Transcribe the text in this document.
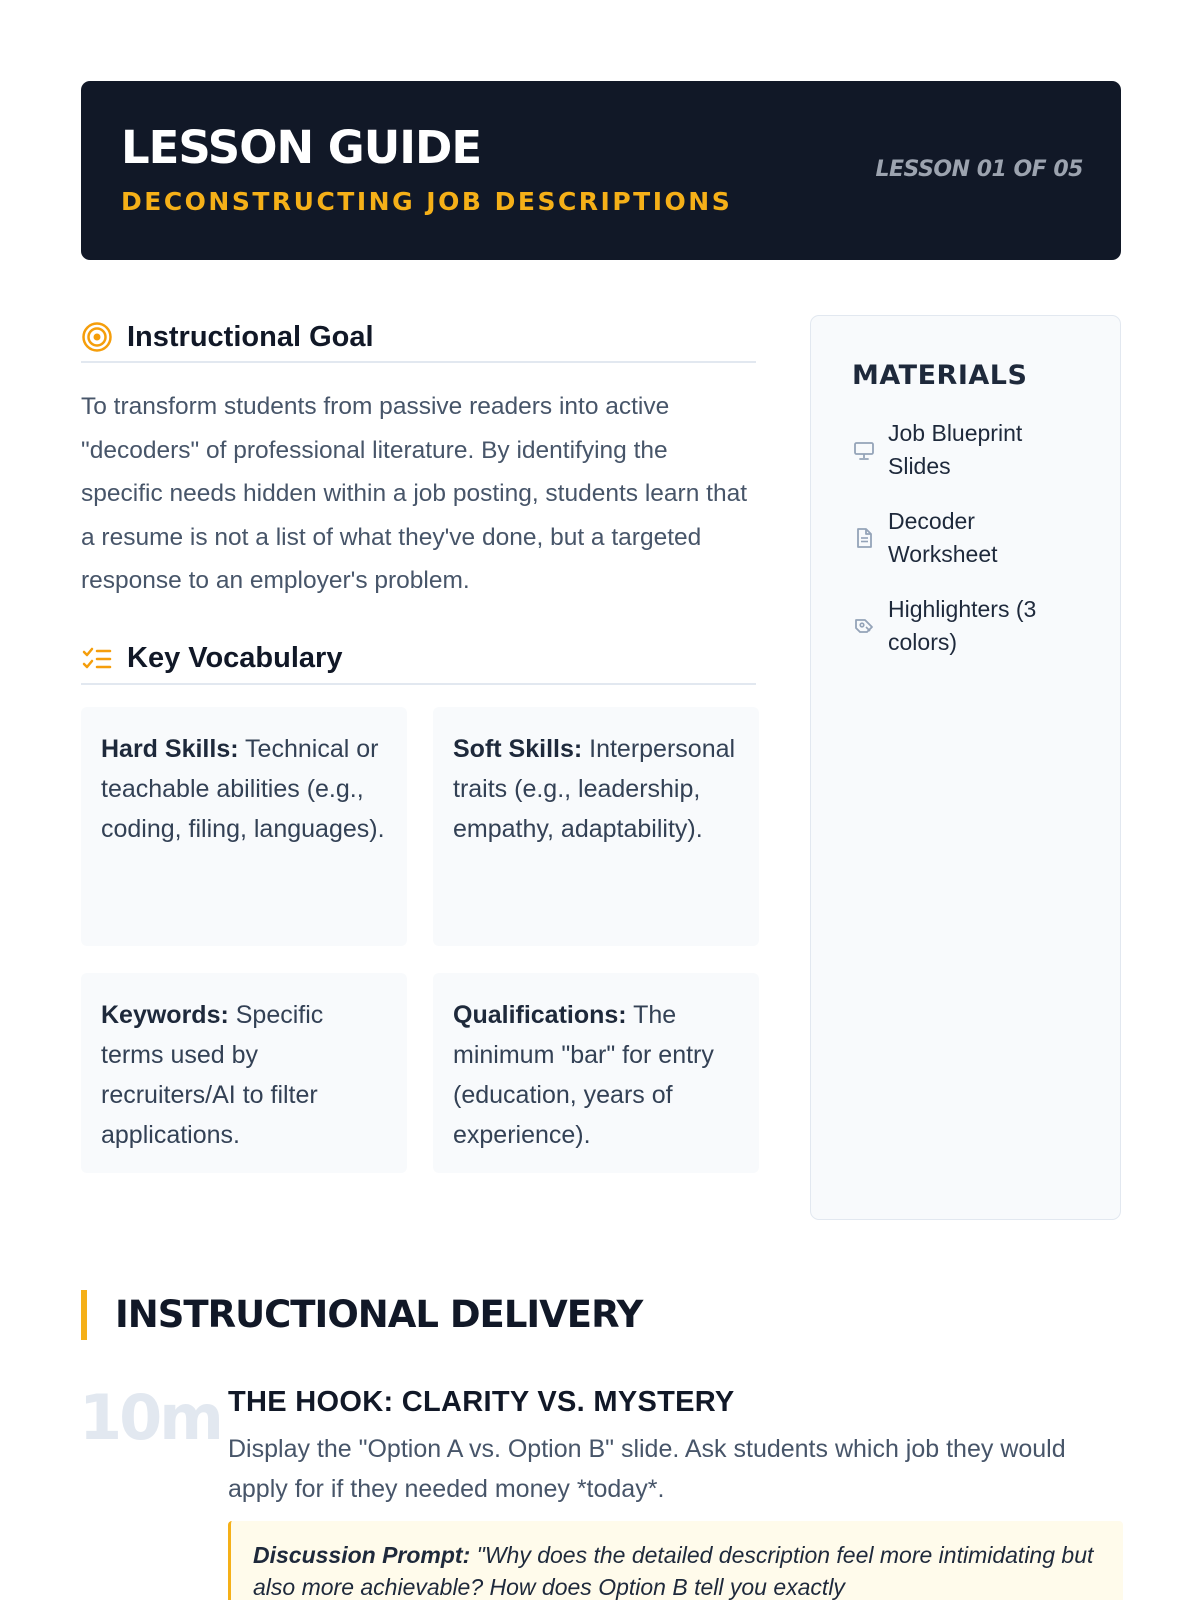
LESSON GUIDE
DECONSTRUCTING JOB DESCRIPTIONS
LESSON 01 OF 05
Instructional Goal

To transform students from passive readers into active "decoders" of professional literature. By identifying the specific needs hidden within a job posting, students learn that a resume is not a list of what they've done, but a targeted response to an employer's problem.

Key Vocabulary
Hard Skills: Technical or teachable abilities (e.g., coding, filing, languages).
Soft Skills: Interpersonal traits (e.g., leadership, empathy, adaptability).
Keywords: Specific terms used by recruiters/AI to filter applications.
Qualifications: The minimum "bar" for entry (education, years of experience).
MATERIALS
Job Blueprint Slides
Decoder Worksheet
Highlighters (3 colors)
INSTRUCTIONAL DELIVERY
10m THE HOOK: CLARITY VS. MYSTERY

Display the "Option A vs. Option B" slide. Ask students which job they would apply for if they needed money *today*.

Discussion Prompt: "Why does the detailed description feel more intimidating but also more achievable? How does Option B tell you exactly
